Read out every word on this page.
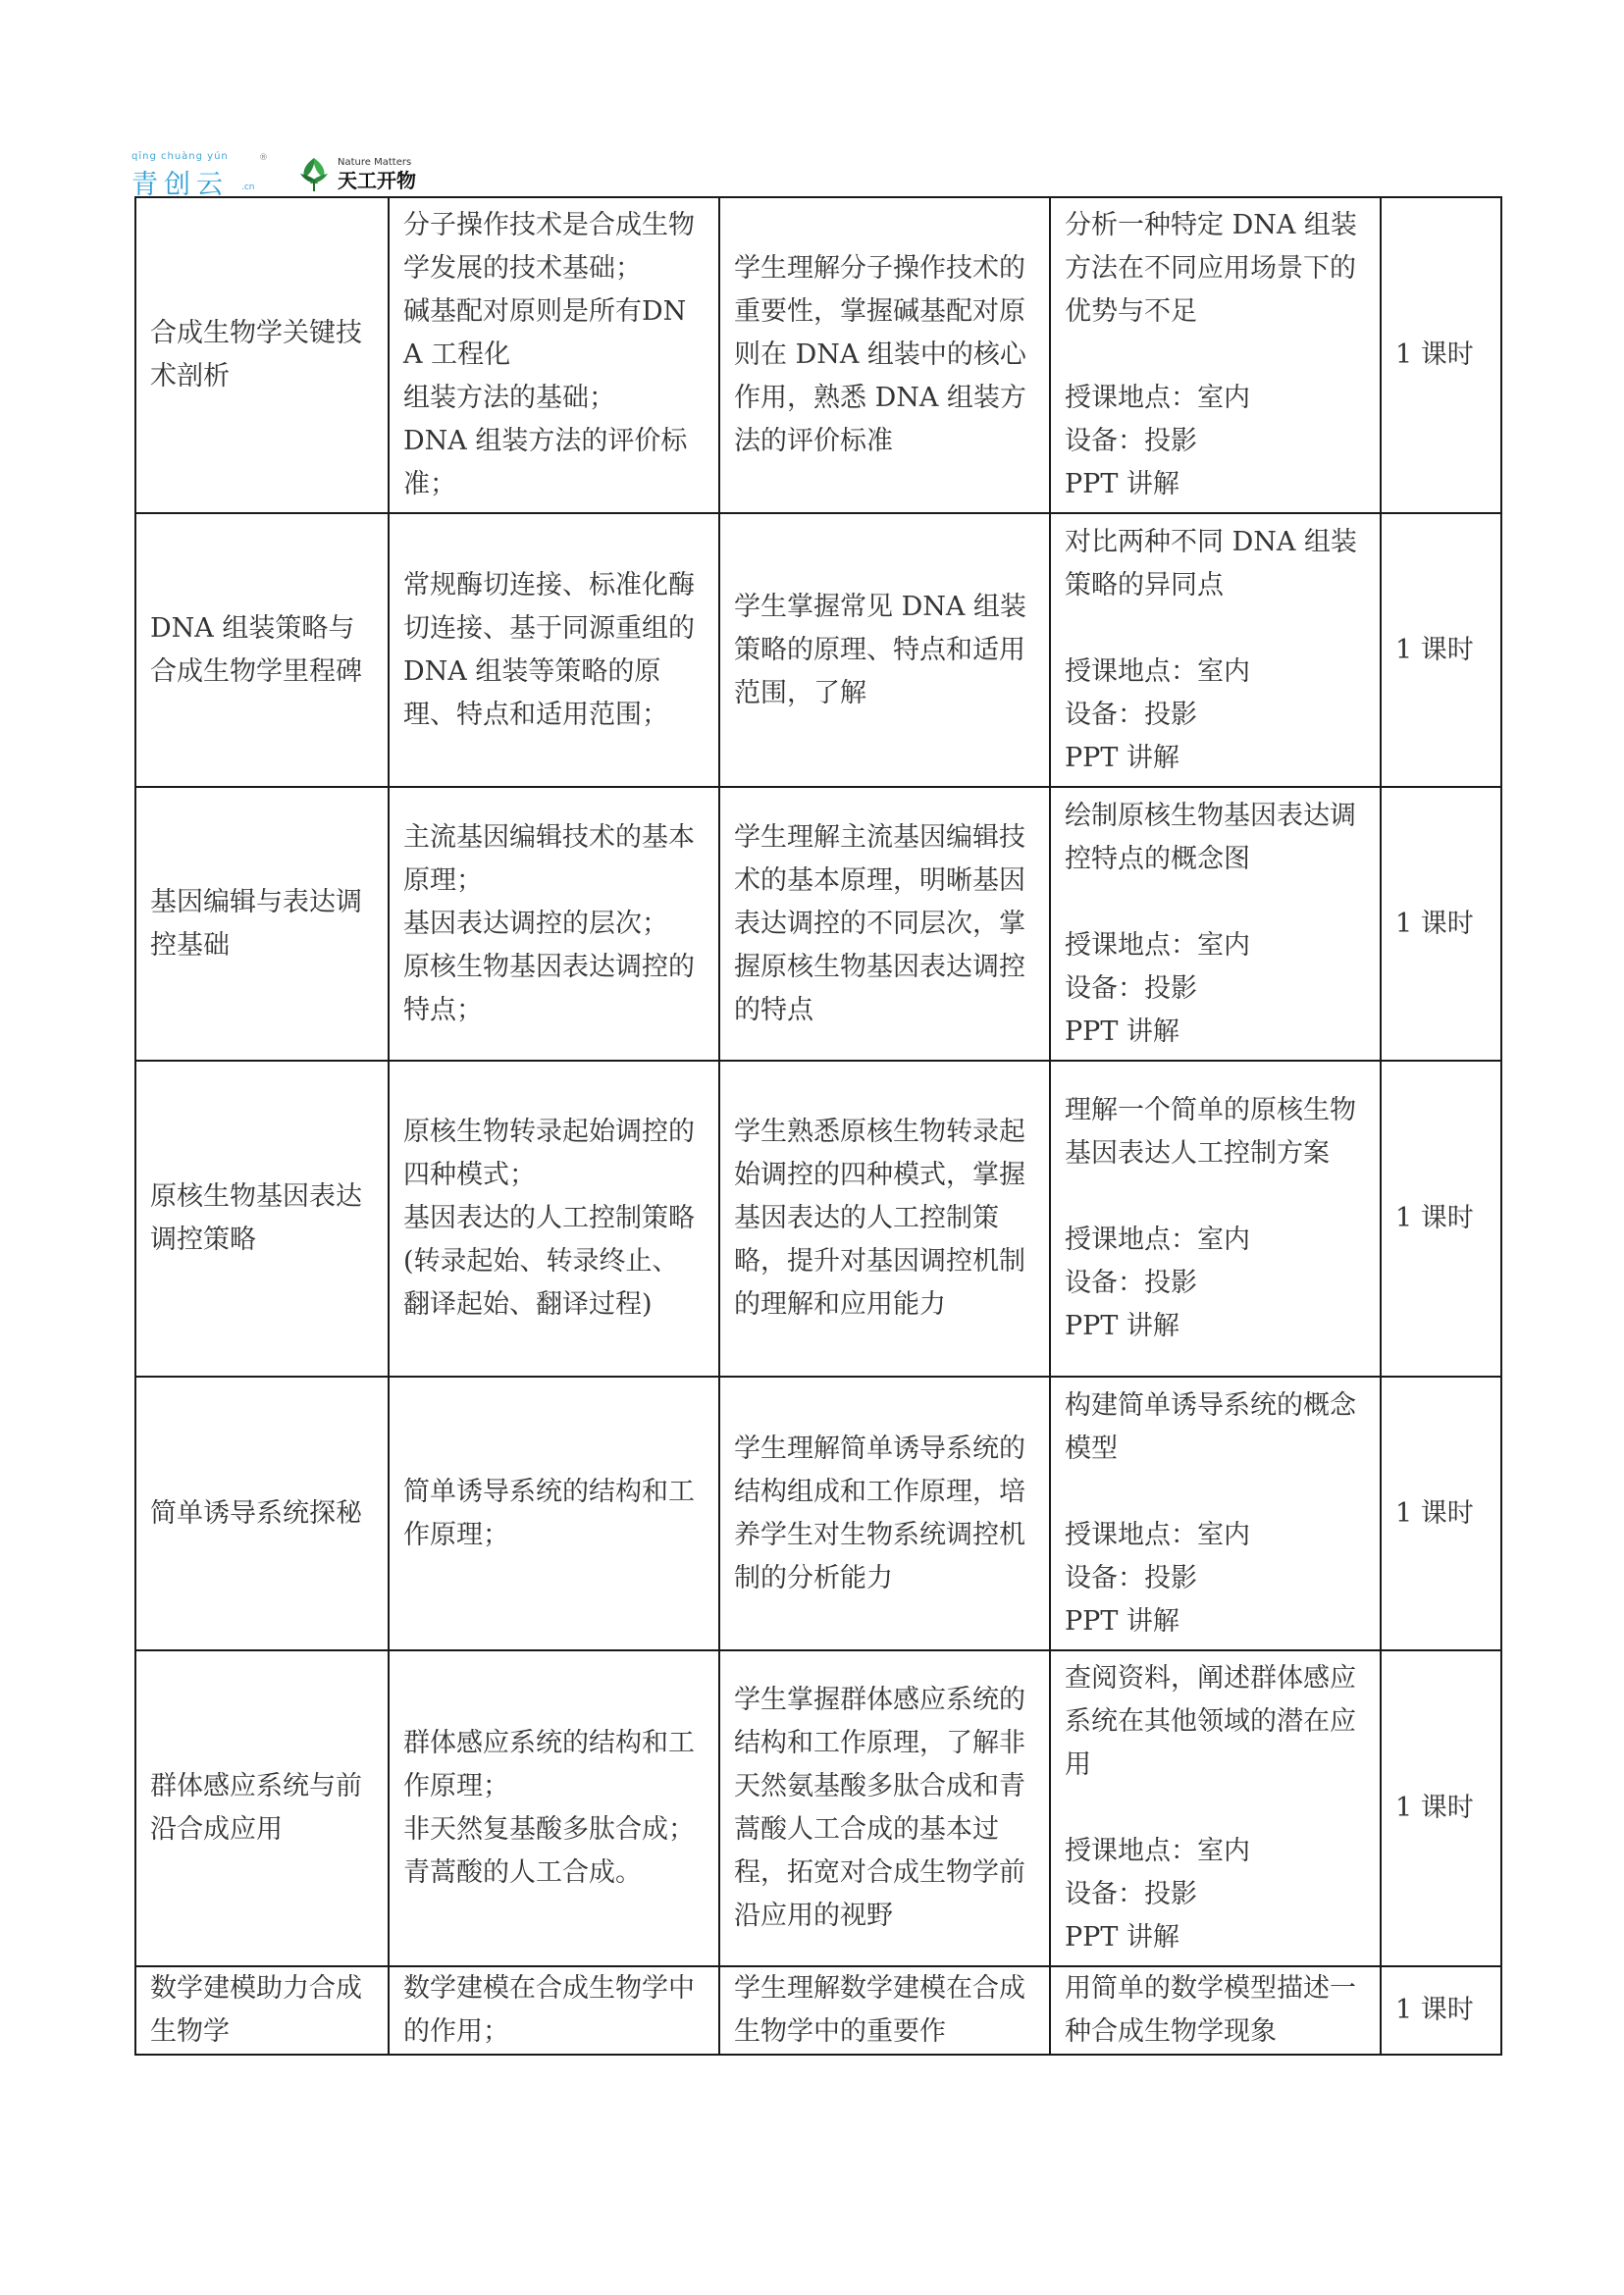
qīng chuàng yún
青创云 .cn
®	Nature Matters
天工开物
合成生物学关键技术剖析	分子操作技术是合成生物学发展的技术基础；
碱基配对原则是所有DNA 工程化
组装方法的基础；
DNA 组装方法的评价标准；	学生理解分子操作技术的重要性，掌握碱基配对原则在 DNA 组装中的核心作用，熟悉 DNA 组装方法的评价标准	分析一种特定 DNA 组装方法在不同应用场景下的优势与不足
授课地点：室内
设备：投影
PPT 讲解	1 课时
DNA 组装策略与合成生物学里程碑	常规酶切连接、标准化酶切连接、基于同源重组的 DNA 组装等策略的原理、特点和适用范围；	学生掌握常见 DNA 组装策略的原理、特点和适用范围，了解	对比两种不同 DNA 组装策略的异同点
授课地点：室内
设备：投影
PPT 讲解	1 课时
基因编辑与表达调控基础	主流基因编辑技术的基本原理；
基因表达调控的层次；
原核生物基因表达调控的特点；	学生理解主流基因编辑技术的基本原理，明晰基因表达调控的不同层次，掌握原核生物基因表达调控的特点	绘制原核生物基因表达调控特点的概念图
授课地点：室内
设备：投影
PPT 讲解	1 课时
原核生物基因表达调控策略	原核生物转录起始调控的四种模式；
基因表达的人工控制策略(转录起始、转录终止、翻译起始、翻译过程)	学生熟悉原核生物转录起始调控的四种模式，掌握基因表达的人工控制策略，提升对基因调控机制的理解和应用能力	理解一个简单的原核生物基因表达人工控制方案
授课地点：室内
设备：投影
PPT 讲解	1 课时
简单诱导系统探秘	简单诱导系统的结构和工作原理；	学生理解简单诱导系统的结构组成和工作原理，培养学生对生物系统调控机制的分析能力	构建简单诱导系统的概念模型
授课地点：室内
设备：投影
PPT 讲解	1 课时
群体感应系统与前沿合成应用	群体感应系统的结构和工作原理；
非天然复基酸多肽合成；
青蒿酸的人工合成。	学生掌握群体感应系统的结构和工作原理，了解非天然氨基酸多肽合成和青蒿酸人工合成的基本过程，拓宽对合成生物学前沿应用的视野	查阅资料，阐述群体感应系统在其他领域的潜在应用
授课地点：室内
设备：投影
PPT 讲解	1 课时
数学建模助力合成生物学	数学建模在合成生物学中的作用；	学生理解数学建模在合成生物学中的重要作	用简单的数学模型描述一种合成生物学现象	1 课时
